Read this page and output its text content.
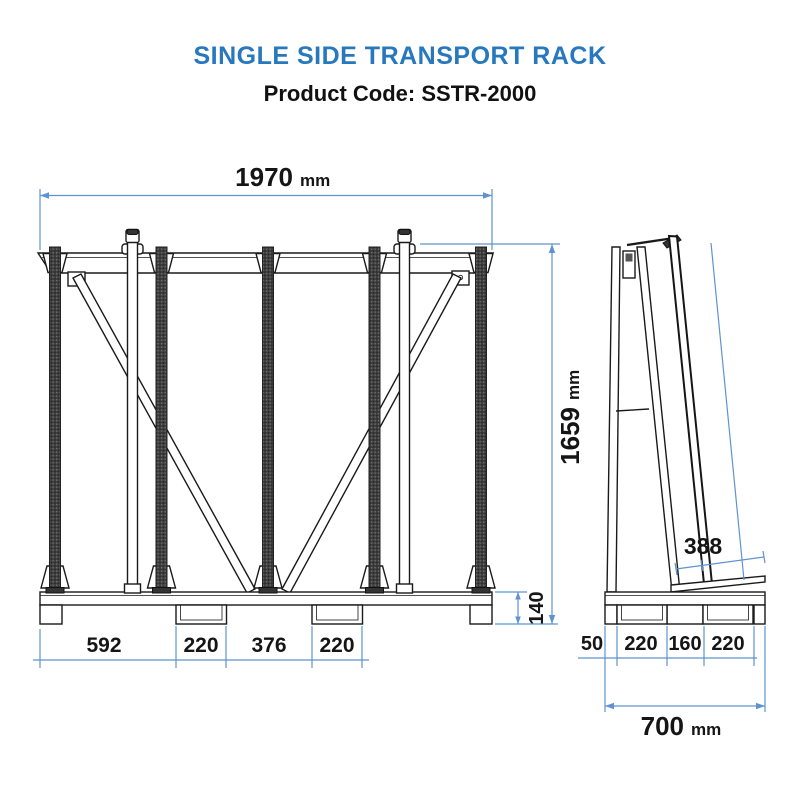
SINGLE SIDE TRANSPORT RACK
Product Code: SSTR-2000
1970 mm
1659
mm
140
592	220 376 220
388
50 220 160 220
700 mm
